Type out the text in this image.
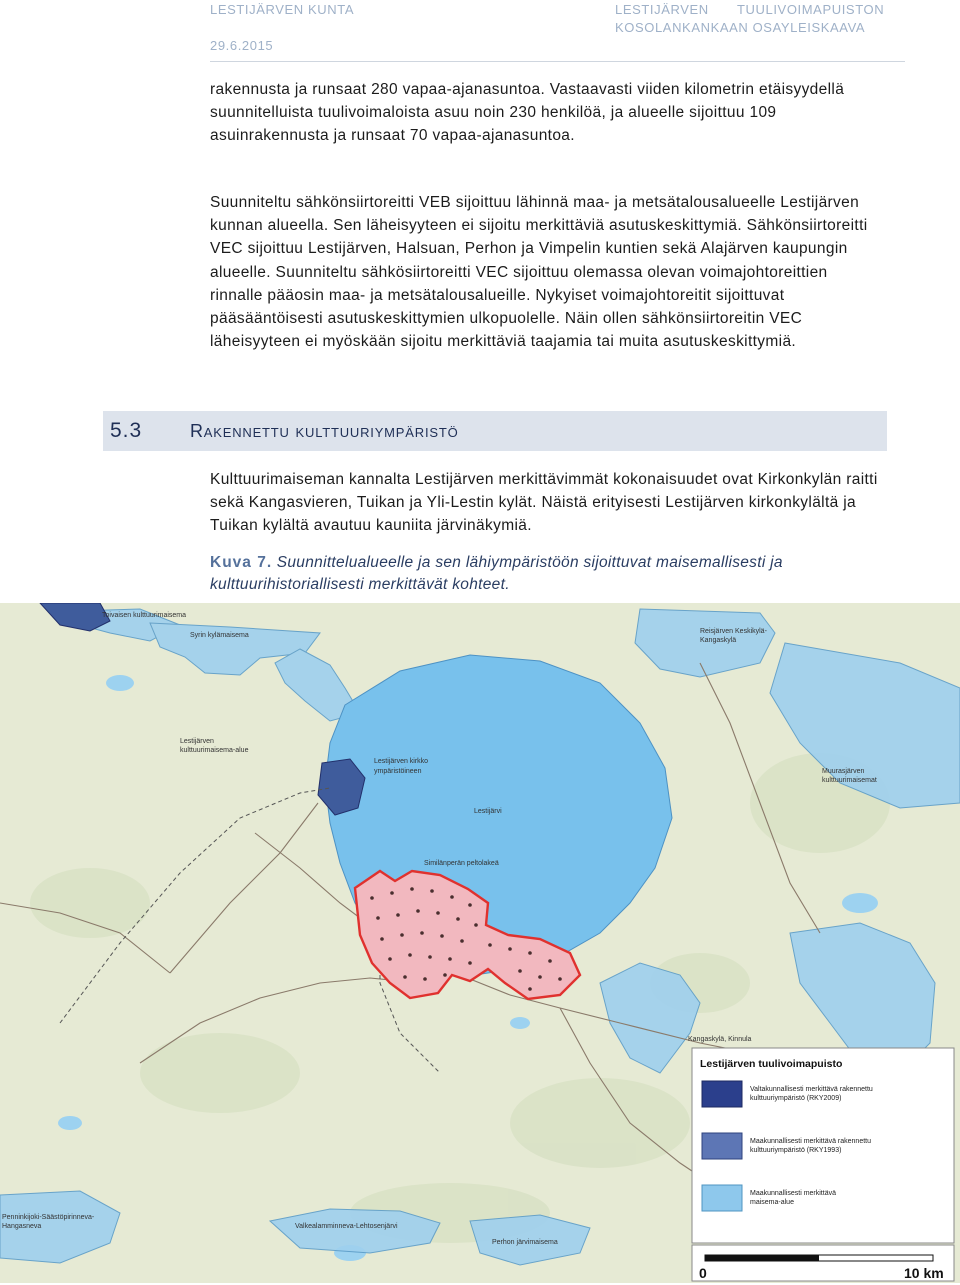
LESTIJÄRVEN KUNTA
29.6.2015
LESTIJÄRVEN TUULIVOIMAPUISTON
KOSOLANKANKAAN OSAYLEISKAAVA

rakennusta ja runsaat 280 vapaa-ajanasuntoa. Vastaavasti viiden kilometrin etäisyydellä suunnitelluista tuulivoimaloista asuu noin 230 henkilöä, ja alueelle sijoittuu 109 asuinrakennusta ja runsaat 70 vapaa-ajanasuntoa.

Suunniteltu sähkönsiirtoreitti VEB sijoittuu lähinnä maa- ja metsätalousalueelle Lestijärven kunnan alueella. Sen läheisyyteen ei sijoitu merkittäviä asutuskeskittymiä. Sähkönsiirtoreitti VEC sijoittuu Lestijärven, Halsuan, Perhon ja Vimpelin kuntien sekä Alajärven kaupungin alueelle. Suunniteltu sähkösiirtoreitti VEC sijoittuu olemassa olevan voimajohtoreittien rinnalle pääosin maa- ja metsätalousalueille. Nykyiset voimajohtoreitit sijoittuvat pääsääntöisesti asutuskeskittymien ulkopuolelle. Näin ollen sähkönsiirtoreitin VEC läheisyyteen ei myöskään sijoitu merkittäviä taajamia tai muita asutuskeskittymiä.

5.3	Rakennettu kulttuuriympäristö

Kulttuurimaiseman kannalta Lestijärven merkittävimmät kokonaisuudet ovat Kirkonkylän raitti sekä Kangasvieren, Tuikan ja Yli-Lestin kylät. Näistä erityisesti Lestijärven kirkonkylältä ja Tuikan kylältä avautuu kauniita järvinäkymiä.

Kuva 7. Suunnittelualueelle ja sen lähiympäristöön sijoittuvat maisemallisesti ja kulttuurihistoriallisesti merkittävät kohteet.

Toivaisen kulttuurimaisema
Syrin kylämaisema
Lestijärven
kulttuurimaisema-alue
Lestijärven kirkko
ympäristöineen
Lestijärvi
Reisjärven Keskikylä-
Kangaskylä
Muurasjärven
kulttuurimaisemat
Similänperän peltolakeä
Kangaskylä, Kinnula
Penninkijoki-Säästöpirinneva-
Hangasneva	Valkealamminneva-Lehtosenjärvi
Perhon järvimaisema
Lestijärven tuulivoimapuisto
Valtakunnallisesti merkittävä rakennettu
kulttuuriympäristö (RKY2009)
Maakunnallisesti merkittävä rakennettu
kulttuuriympäristö (RKY1993)
Maakunnallisesti merkittävä
maisema-alue
0	10 km
